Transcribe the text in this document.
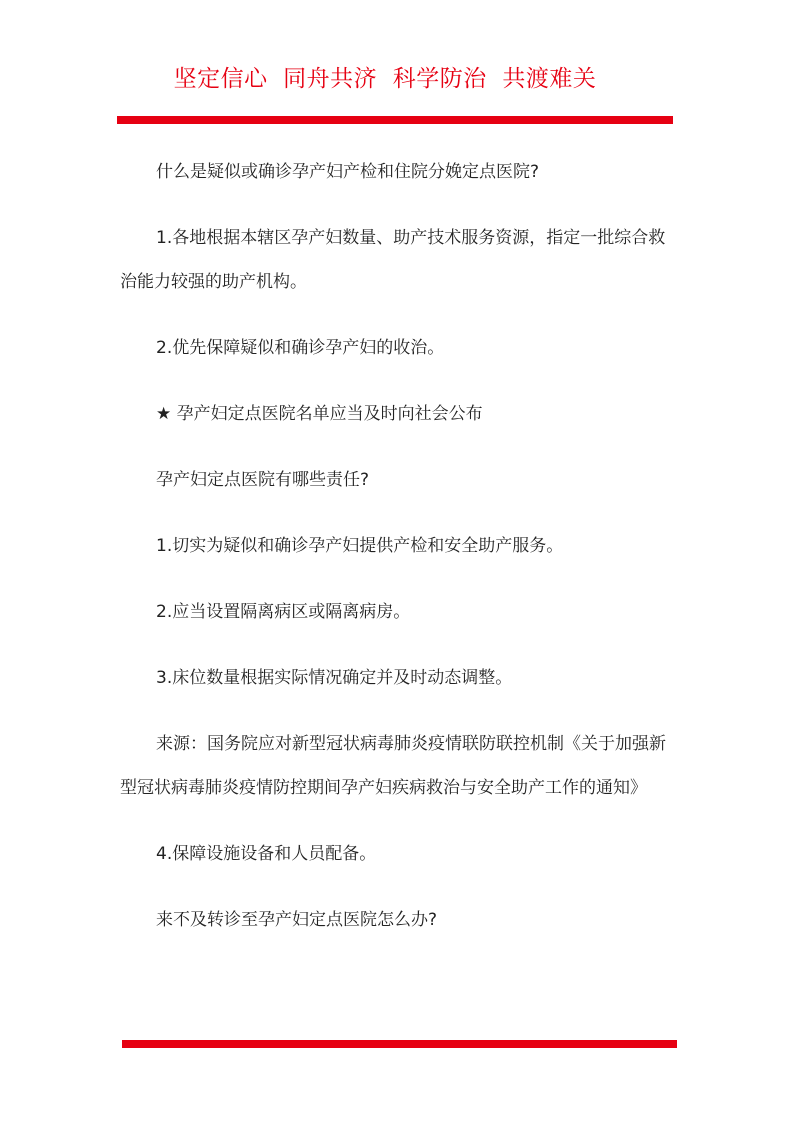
坚定信心  同舟共济  科学防治  共渡难关

什么是疑似或确诊孕产妇产检和住院分娩定点医院?

1.各地根据本辖区孕产妇数量、助产技术服务资源，指定一批综合救治能力较强的助产机构。

2.优先保障疑似和确诊孕产妇的收治。

★ 孕产妇定点医院名单应当及时向社会公布

孕产妇定点医院有哪些责任?

1.切实为疑似和确诊孕产妇提供产检和安全助产服务。

2.应当设置隔离病区或隔离病房。

3.床位数量根据实际情况确定并及时动态调整。

来源：国务院应对新型冠状病毒肺炎疫情联防联控机制《关于加强新型冠状病毒肺炎疫情防控期间孕产妇疾病救治与安全助产工作的通知》

4.保障设施设备和人员配备。

来不及转诊至孕产妇定点医院怎么办?
